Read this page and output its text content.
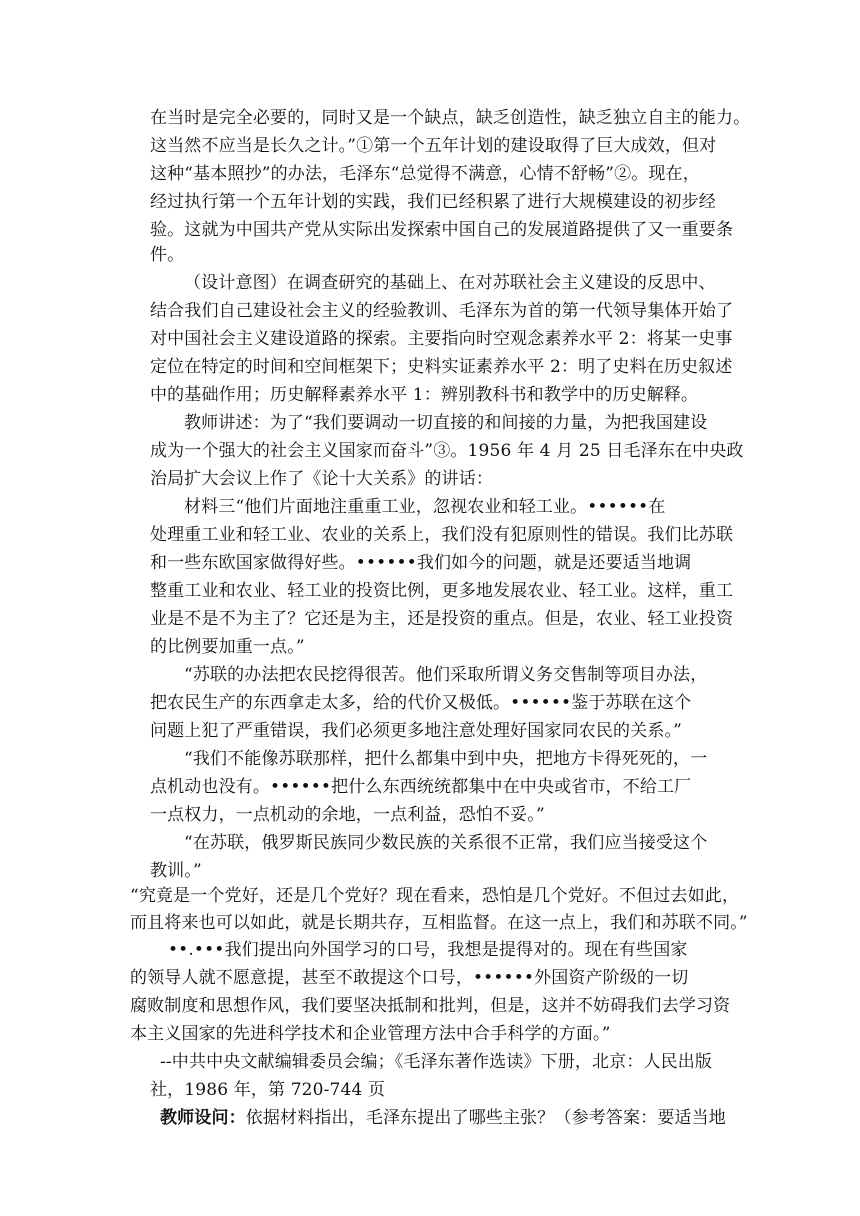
在当时是完全必要的，同时又是一个缺点，缺乏创造性，缺乏独立自主的能力。
这当然不应当是长久之计。”①第一个五年计划的建设取得了巨大成效，但对
这种“基本照抄”的办法，毛泽东“总觉得不满意，心情不舒畅”②。现在，
经过执行第一个五年计划的实践，我们已经积累了进行大规模建设的初步经
验。这就为中国共产党从实际出发探索中国自己的发展道路提供了又一重要条
件。
（设计意图）在调查研究的基础上、在对苏联社会主义建设的反思中、
结合我们自己建设社会主义的经验教训、毛泽东为首的第一代领导集体开始了
对中国社会主义建设道路的探索。主要指向时空观念素养水平 2：将某一史事
定位在特定的时间和空间框架下；史料实证素养水平 2：明了史料在历史叙述
中的基础作用；历史解释素养水平 1：辨别教科书和教学中的历史解释。
教师讲述：为了“我们要调动一切直接的和间接的力量，为把我国建设
成为一个强大的社会主义国家而奋斗”③。1956 年 4 月 25 日毛泽东在中央政
治局扩大会议上作了《论十大关系》的讲话：
材料三“他们片面地注重重工业，忽视农业和轻工业。••••••在
处理重工业和轻工业、农业的关系上，我们没有犯原则性的错误。我们比苏联
和一些东欧国家做得好些。••••••我们如今的问题，就是还要适当地调
整重工业和农业、轻工业的投资比例，更多地发展农业、轻工业。这样，重工
业是不是不为主了？它还是为主，还是投资的重点。但是，农业、轻工业投资
的比例要加重一点。”
“苏联的办法把农民挖得很苦。他们采取所谓义务交售制等项目办法，
把农民生产的东西拿走太多，给的代价又极低。••••••鉴于苏联在这个
问题上犯了严重错误，我们必须更多地注意处理好国家同农民的关系。”
“我们不能像苏联那样，把什么都集中到中央，把地方卡得死死的，一
点机动也没有。••••••把什么东西统统都集中在中央或省市，不给工厂
一点权力，一点机动的余地，一点利益，恐怕不妥。”
“在苏联，俄罗斯民族同少数民族的关系很不正常，我们应当接受这个
教训。”
“究竟是一个党好，还是几个党好？现在看来，恐怕是几个党好。不但过去如此，
而且将来也可以如此，就是长期共存，互相监督。在这一点上，我们和苏联不同。”
••.•••我们提出向外国学习的口号，我想是提得对的。现在有些国家
的领导人就不愿意提，甚至不敢提这个口号，••••••外国资产阶级的一切
腐败制度和思想作风，我们要坚决抵制和批判，但是，这并不妨碍我们去学习资
本主义国家的先进科学技术和企业管理方法中合手科学的方面。”
--中共中央文献编辑委员会编；《毛泽东著作选读》下册，北京：人民出版
社，1986 年，第 720-744 页
教师设问：依据材料指出，毛泽东提出了哪些主张？（参考答案：要适当地
